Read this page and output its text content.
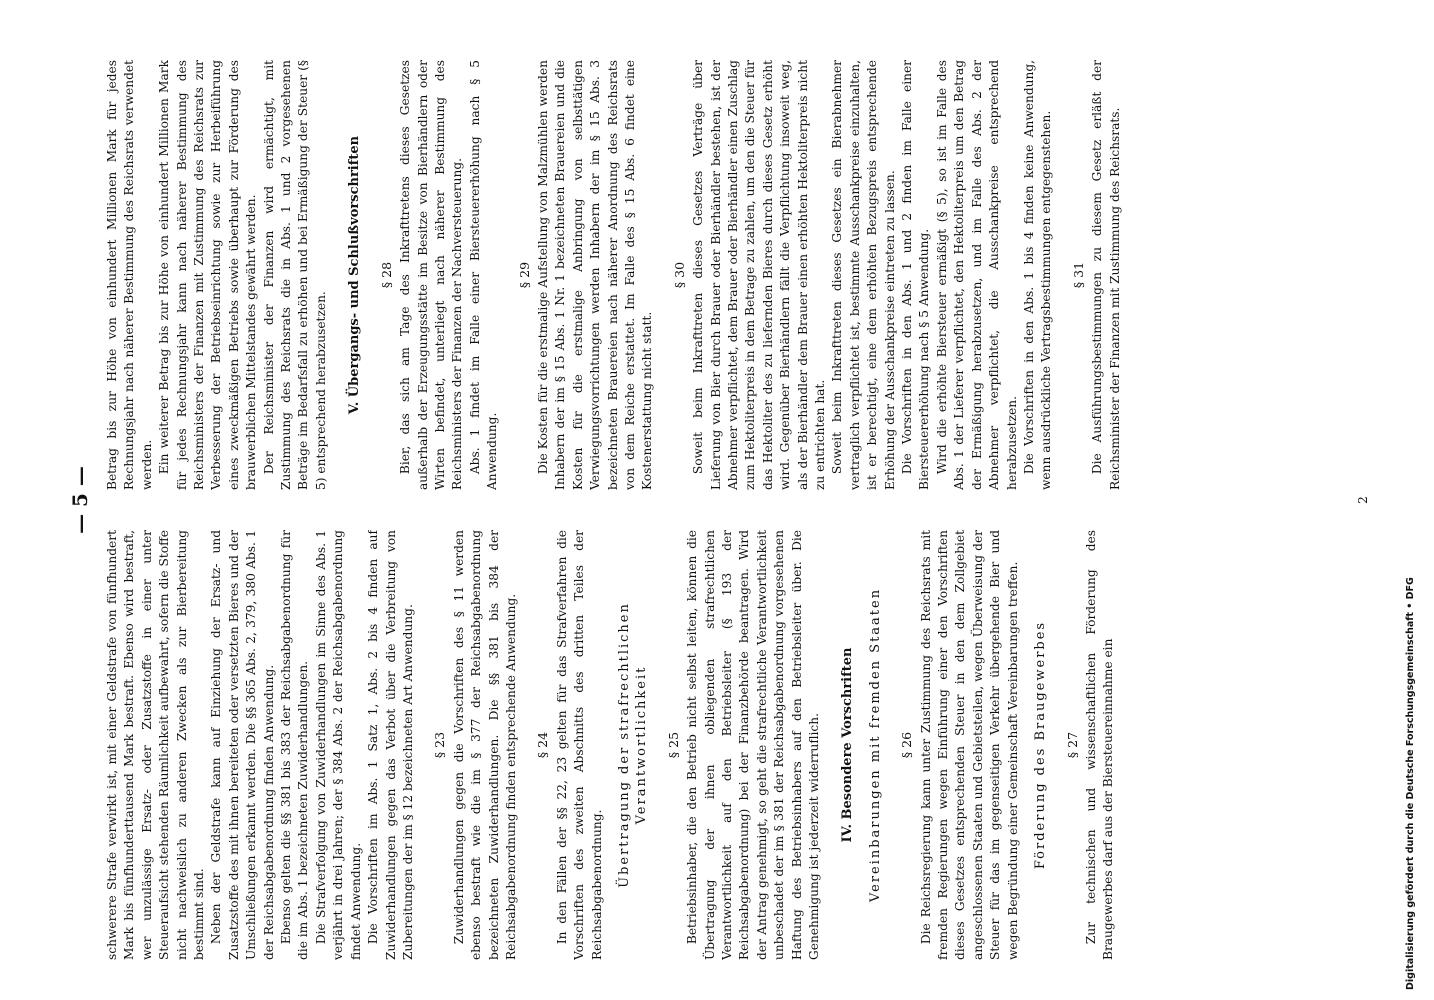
— 5 —

schwerere Strafe verwirkt ist, mit einer Geldstrafe von fünfhundert Mark bis fünfhunderttausend Mark bestraft. Ebenso wird bestraft, wer unzulässige Ersatz- oder Zusatzstoffe in einer unter Steueraufsicht stehenden Räumlichkeit aufbewahrt, sofern die Stoffe nicht nachweislich zu anderen Zwecken als zur Bierbereitung bestimmt sind. Neben der Geldstrafe kann auf Einziehung der Ersatz- und Zusatzstoffe des mit ihnen bereiteten oder versetzten Bieres und der Umschließungen erkannt werden. Die §§ 365 Abs. 2, 379, 380 Abs. 1 der Reichsabgabenordnung finden Anwendung. Ebenso gelten die §§ 381 bis 383 der Reichsabgabenordnung für die im Abs. 1 bezeichneten Zuwiderhandlungen. Die Strafverfolgung von Zuwiderhandlungen im Sinne des Abs. 1 verjährt in drei Jahren; der § 384 Abs. 2 der Reichsabgabenordnung findet Anwendung. Die Vorschriften im Abs. 1 Satz 1, Abs. 2 bis 4 finden auf Zuwiderhandlungen gegen das Verbot über die Verbreitung von Zubereitungen der im § 12 bezeichneten Art Anwendung. § 23 Zuwiderhandlungen gegen die Vorschriften des § 11 werden ebenso bestraft wie die im § 377 der Reichsabgabenordnung bezeichneten Zuwiderhandlungen. Die §§ 381 bis 384 der Reichsabgabenordnung finden entsprechende Anwendung. § 24 In den Fällen der §§ 22, 23 gelten für das Strafverfahren die Vorschriften des zweiten Abschnitts des dritten Teiles der Reichsabgabenordnung. Übertragung der strafrechtlichen Verantwortlichkeit § 25 Betriebsinhaber, die den Betrieb nicht selbst leiten, können die Übertragung der ihnen obliegenden strafrechtlichen Verantwortlichkeit auf den Betriebsleiter (§ 193 der Reichsabgabenordnung) bei der Finanzbehörde beantragen. Wird der Antrag genehmigt, so geht die strafrechtliche Verantwortlichkeit unbeschadet der im § 381 der Reichsabgabenordnung vorgesehenen Haftung des Betriebsinhabers auf den Betriebsleiter über. Die Genehmigung ist jederzeit widerruflich. IV. Besondere Vorschriften Vereinbarungen mit fremden Staaten § 26 Die Reichsregierung kann unter Zustimmung des Reichsrats mit fremden Regierungen wegen Einführung einer den Vorschriften dieses Gesetzes entsprechenden Steuer in den dem Zollgebiet angeschlossenen Staaten und Gebietsteilen, wegen Überweisung der Steuer für das im gegenseitigen Verkehr übergehende Bier und wegen Begründung einer Gemeinschaft Vereinbarungen treffen. Förderung des Braugewerbes § 27 Zur technischen und wissenschaftlichen Förderung des Braugewerbes darf aus der Biersteuereinnahme ein

Betrag bis zur Höhe von einhundert Millionen Mark für jedes Rechnungsjahr nach näherer Bestimmung des Reichsrats verwendet werden. Ein weiterer Betrag bis zur Höhe von einhundert Millionen Mark für jedes Rechnungsjahr kann nach näherer Bestimmung des Reichsministers der Finanzen mit Zustimmung des Reichsrats zur Verbesserung der Betriebseinrichtung sowie zur Herbeiführung eines zweckmäßigen Betriebs sowie überhaupt zur Förderung des brauwerblichen Mittelstandes gewährt werden. Der Reichsminister der Finanzen wird ermächtigt, mit Zustimmung des Reichsrats die in Abs. 1 und 2 vorgesehenen Beträge im Bedarfsfall zu erhöhen und bei Ermäßigung der Steuer (§ 5) entsprechend herabzusetzen. V. Übergangs- und Schlußvorschriften § 28 Bier, das sich am Tage des Inkrafttretens dieses Gesetzes außerhalb der Erzeugungsstätte im Besitze von Bierhändlern oder Wirten befindet, unterliegt nach näherer Bestimmung des Reichsministers der Finanzen der Nachversteuerung. Abs. 1 findet im Falle einer Biersteuererhöhung nach § 5 Anwendung.

§ 29 Die Kosten für die erstmalige Aufstellung von Malzmühlen werden Inhabern der im § 15 Abs. 1 Nr. 1 bezeichneten Brauereien und die Kosten für die erstmalige Anbringung von selbsttätigen Verwiegungsvorrichtungen werden Inhabern der im § 15 Abs. 3 bezeichneten Brauereien nach näherer Anordnung des Reichsrats von dem Reiche erstattet. Im Falle des § 15 Abs. 6 findet eine Kostenerstattung nicht statt.

§ 30 Soweit beim Inkrafttreten dieses Gesetzes Verträge über Lieferung von Bier durch Brauer oder Bierhändler bestehen, ist der Abnehmer verpflichtet, dem Brauer oder Bierhändler einen Zuschlag zum Hektoliterpreis in dem Betrage zu zahlen, um den die Steuer für das Hektoliter des zu liefernden Bieres durch dieses Gesetz erhöht wird. Gegenüber Bierhändlern fällt die Verpflichtung insoweit weg, als der Bierhändler dem Brauer einen erhöhten Hektoliterpreis nicht zu entrichten hat. Soweit beim Inkrafttreten dieses Gesetzes ein Bierabnehmer vertraglich verpflichtet ist, bestimmte Ausschankpreise einzuhalten, ist er berechtigt, eine dem erhöhten Bezugspreis entsprechende Erhöhung der Ausschankpreise eintreten zu lassen. Die Vorschriften in den Abs. 1 und 2 finden im Falle einer Biersteuererhöhung nach § 5 Anwendung. Wird die erhöhte Biersteuer ermäßigt (§ 5), so ist im Falle des Abs. 1 der Lieferer verpflichtet, den Hektoliterpreis um den Betrag der Ermäßigung herabzusetzen, und im Falle des Abs. 2 der Abnehmer verpflichtet, die Ausschankpreise entsprechend herabzusetzen. Die Vorschriften in den Abs. 1 bis 4 finden keine Anwendung, wenn ausdrückliche Vertragsbestimmungen entgegenstehen. § 31 Die Ausführungsbestimmungen zu diesem Gesetz erläßt der Reichsminister der Finanzen mit Zustimmung des Reichsrats.

2
Digitalisierung gefördert durch die Deutsche Forschungsgemeinschaft • DFG
